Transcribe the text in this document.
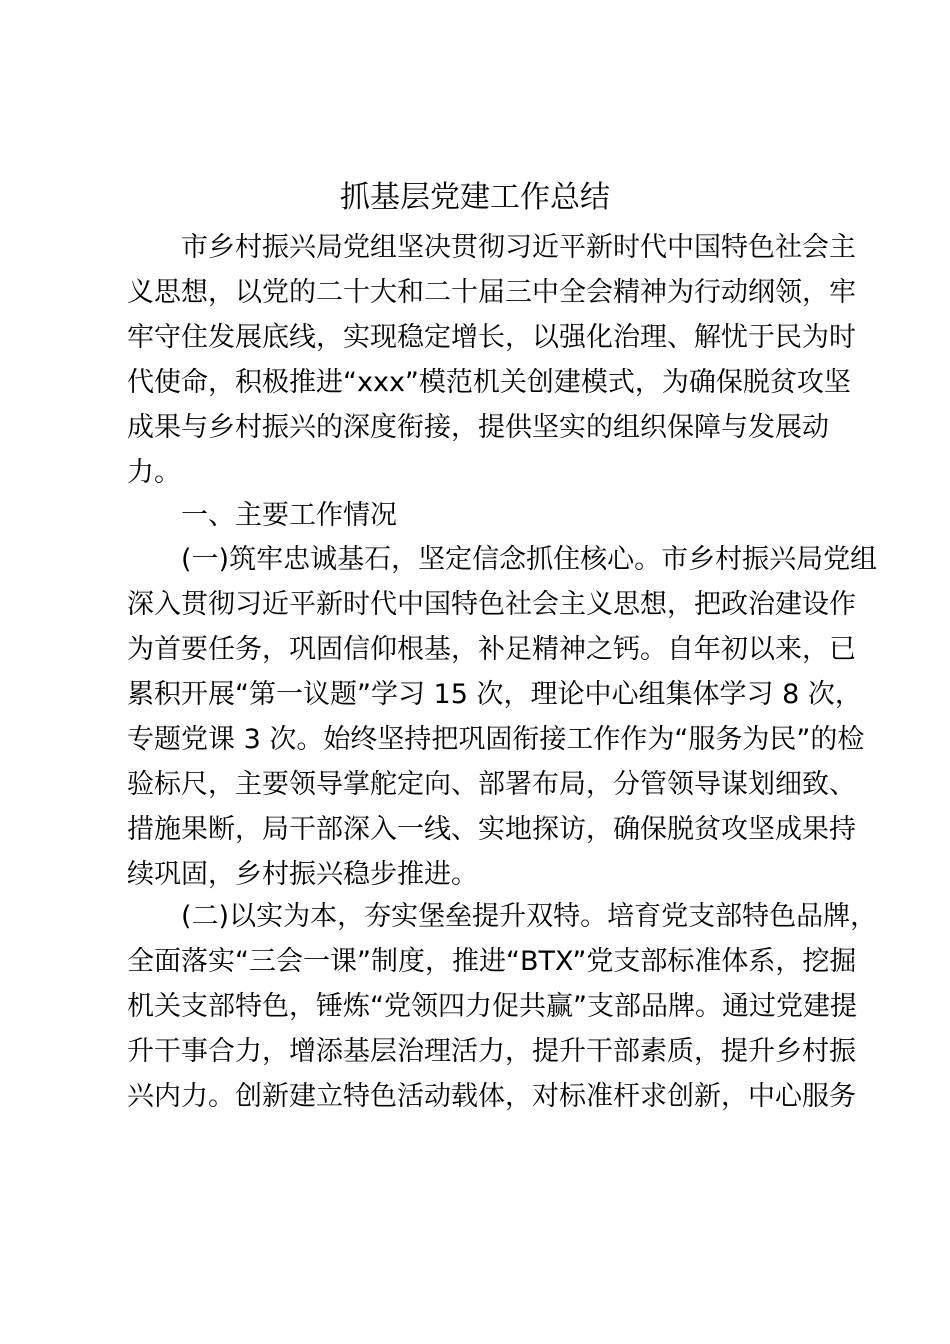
抓基层党建工作总结
市乡村振兴局党组坚决贯彻习近平新时代中国特色社会主
义思想，以党的二十大和二十届三中全会精神为行动纲领，牢
牢守住发展底线，实现稳定增长，以强化治理、解忧于民为时
代使命，积极推进“xxx”模范机关创建模式，为确保脱贫攻坚
成果与乡村振兴的深度衔接，提供坚实的组织保障与发展动
力。
一、主要工作情况
(一)筑牢忠诚基石，坚定信念抓住核心。市乡村振兴局党组
深入贯彻习近平新时代中国特色社会主义思想，把政治建设作
为首要任务，巩固信仰根基，补足精神之钙。自年初以来，已
累积开展“第一议题”学习 15 次，理论中心组集体学习 8 次，
专题党课 3 次。始终坚持把巩固衔接工作作为“服务为民”的检
验标尺，主要领导掌舵定向、部署布局，分管领导谋划细致、
措施果断，局干部深入一线、实地探访，确保脱贫攻坚成果持
续巩固，乡村振兴稳步推进。
(二)以实为本，夯实堡垒提升双特。培育党支部特色品牌，
全面落实“三会一课”制度，推进“BTX”党支部标准体系，挖掘
机关支部特色，锤炼“党领四力促共赢”支部品牌。通过党建提
升干事合力，增添基层治理活力，提升干部素质，提升乡村振
兴内力。创新建立特色活动载体，对标准杆求创新，中心服务
